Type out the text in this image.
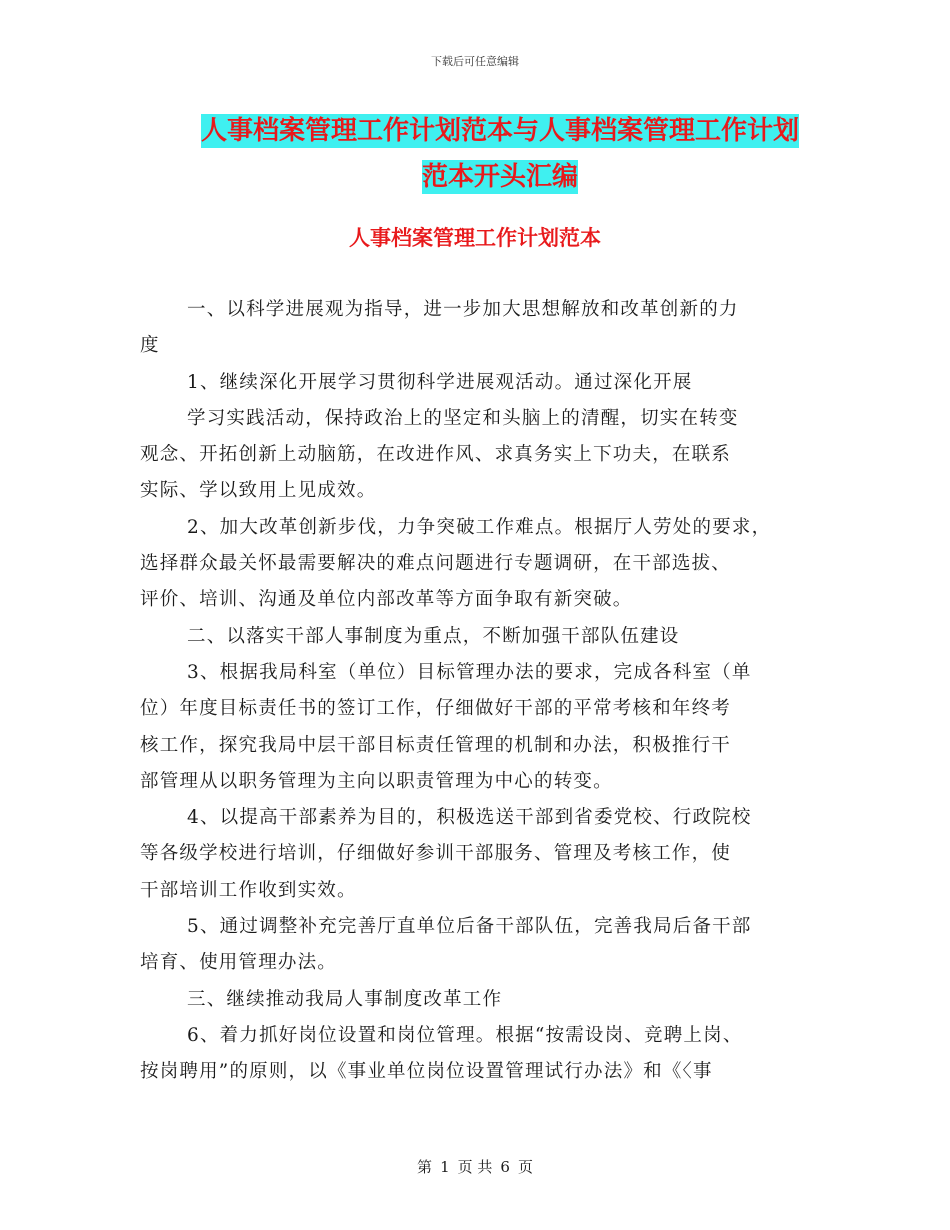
下载后可任意编辑
人事档案管理工作计划范本与人事档案管理工作计划
范本开头汇编
人事档案管理工作计划范本
一、以科学进展观为指导，进一步加大思想解放和改革创新的力
度
1、继续深化开展学习贯彻科学进展观活动。通过深化开展
学习实践活动，保持政治上的坚定和头脑上的清醒，切实在转变
观念、开拓创新上动脑筋，在改进作风、求真务实上下功夫，在联系
实际、学以致用上见成效。
2、加大改革创新步伐，力争突破工作难点。根据厅人劳处的要求，
选择群众最关怀最需要解决的难点问题进行专题调研，在干部选拔、
评价、培训、沟通及单位内部改革等方面争取有新突破。
二、以落实干部人事制度为重点，不断加强干部队伍建设
3、根据我局科室（单位）目标管理办法的要求，完成各科室（单
位）年度目标责任书的签订工作，仔细做好干部的平常考核和年终考
核工作，探究我局中层干部目标责任管理的机制和办法，积极推行干
部管理从以职务管理为主向以职责管理为中心的转变。
4、以提高干部素养为目的，积极选送干部到省委党校、行政院校
等各级学校进行培训，仔细做好参训干部服务、管理及考核工作，使
干部培训工作收到实效。
5、通过调整补充完善厅直单位后备干部队伍，完善我局后备干部
培育、使用管理办法。
三、继续推动我局人事制度改革工作
6、着力抓好岗位设置和岗位管理。根据“按需设岗、竞聘上岗、
按岗聘用”的原则，以《事业单位岗位设置管理试行办法》和《〈事
第 1 页 共 6 页
